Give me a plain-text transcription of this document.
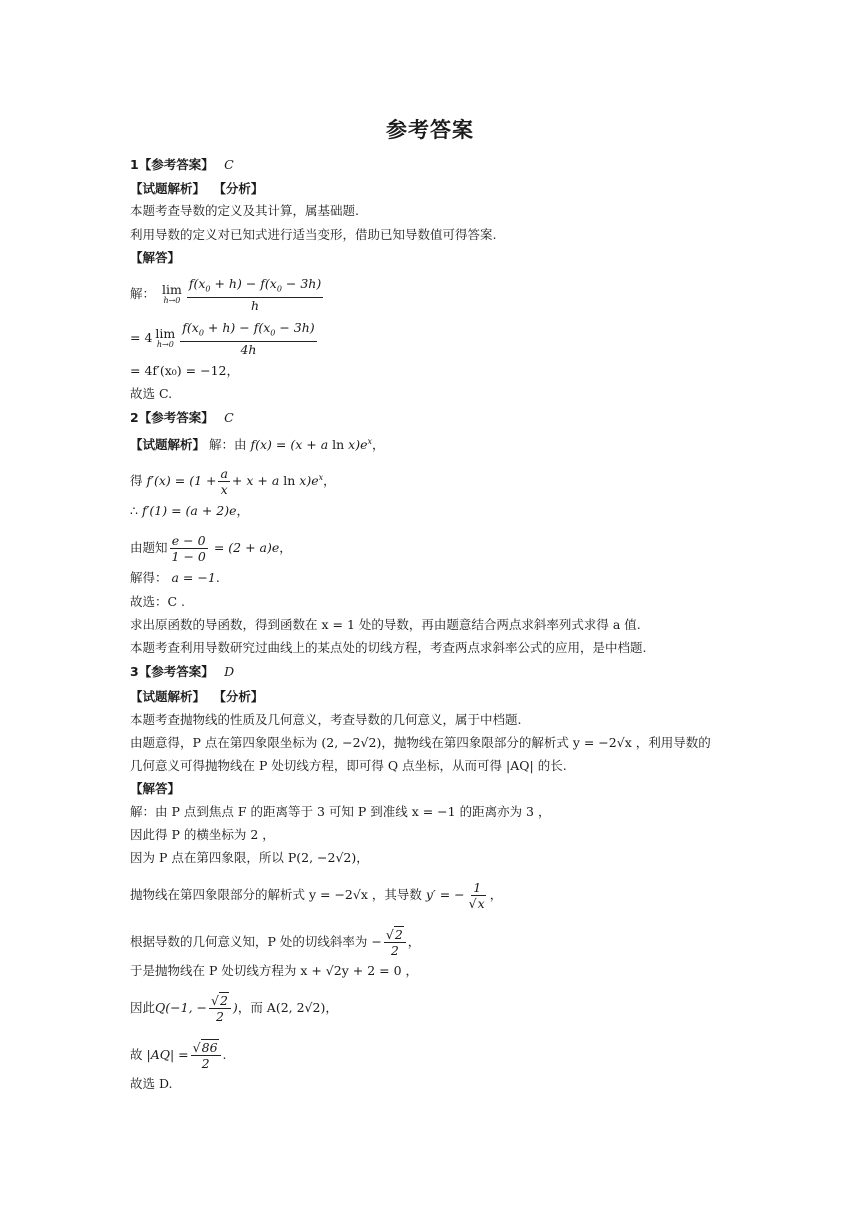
参考答案
1【参考答案】 C
【试题解析】 【分析】
本题考查导数的定义及其计算，属基础题.
利用导数的定义对已知式进行适当变形，借助已知导数值可得答案.
【解答】
解： lim
$h\to 0 \frac{f(x_0 + h) - f(x_0 - 3h)}{h}$
= 4 lim
$h\to 0 \frac{f(x_0 + h) - f(x_0 - 3h)}{4h}$
= 4f′(x₀) = −12，
故选 C.
2【参考答案】 C
【试题解析】 解：由 f(x) = (x + a $\ln x)e^x$，
得 $f'(x) = (1 + \frac{a}{x} + x + a$ $\ln x)e^x$，
∴ f′(1) = (a + 2)e，
由题知 $\frac{e - 0}{1 - 0} = (2 + a)e$，
解得： a = −1.
故选：C .
求出原函数的导函数，得到函数在 x = 1 处的导数，再由题意结合两点求斜率列式求得 a 值.
本题考查利用导数研究过曲线上的某点处的切线方程，考查两点求斜率公式的应用，是中档题.
3【参考答案】 D
【试题解析】 【分析】
本题考查抛物线的性质及几何意义，考查导数的几何意义，属于中档题.
由题意得，P 点在第四象限坐标为 (2, −2√2)，抛物线在第四象限部分的解析式 y = −2√x ，利用导数的
几何意义可得抛物线在 P 处切线方程，即可得 Q 点坐标，从而可得 |AQ| 的长.
【解答】
解：由 P 点到焦点 F 的距离等于 3 可知 P 到准线 x = −1 的距离亦为 3 ，
因此得 P 的横坐标为 2 ，
因为 P 点在第四象限，所以 P(2, −2√2)，
抛物线在第四象限部分的解析式 y = −2√x ，其导数 y′ = − $\frac{1}{√x}$ ，
根据导数的几何意义知，P 处的切线斜率为 − $\frac{√2}{2}$ ，
于是抛物线在 P 处切线方程为 x + √2y + 2 = 0 ，
因此Q(−1, − $\frac{√2}{2}$ )，而 A(2, 2√2)，
故 $|AQ| = \frac{√86}{2}$ .
故选 D.
